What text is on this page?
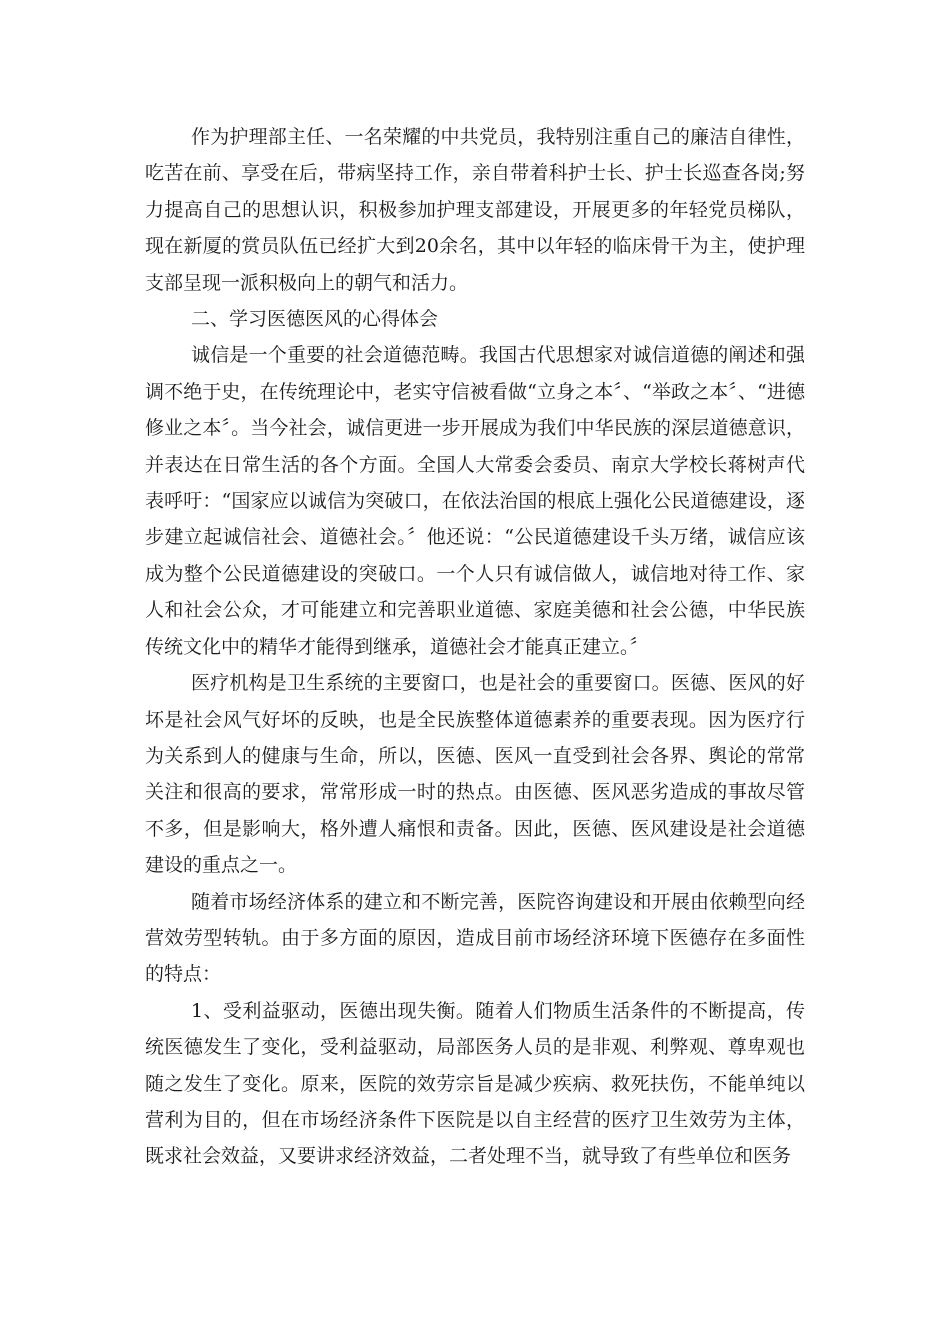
作为护理部主任、一名荣耀的中共党员，我特别注重自己的廉洁自律性，吃苦在前、享受在后，带病坚持工作，亲自带着科护士长、护士长巡查各岗;努力提高自己的思想认识，积极参加护理支部建设，开展更多的年轻党员梯队，现在新厦的赏员队伍已经扩大到20余名，其中以年轻的临床骨干为主，使护理支部呈现一派积极向上的朝气和活力。

二、学习医德医风的心得体会

诚信是一个重要的社会道德范畴。我国古代思想家对诚信道德的阐述和强调不绝于史，在传统理论中，老实守信被看做“立身之本〞、“举政之本〞、“进德修业之本〞。当今社会，诚信更进一步开展成为我们中华民族的深层道德意识，并表达在日常生活的各个方面。全国人大常委会委员、南京大学校长蒋树声代表呼吁：“国家应以诚信为突破口，在依法治国的根底上强化公民道德建设，逐步建立起诚信社会、道德社会。〞他还说：“公民道德建设千头万绪，诚信应该成为整个公民道德建设的突破口。一个人只有诚信做人，诚信地对待工作、家人和社会公众，才可能建立和完善职业道德、家庭美德和社会公德，中华民族传统文化中的精华才能得到继承，道德社会才能真正建立。〞

医疗机构是卫生系统的主要窗口，也是社会的重要窗口。医德、医风的好坏是社会风气好坏的反映，也是全民族整体道德素养的重要表现。因为医疗行为关系到人的健康与生命，所以，医德、医风一直受到社会各界、舆论的常常关注和很高的要求，常常形成一时的热点。由医德、医风恶劣造成的事故尽管不多，但是影响大，格外遭人痛恨和责备。因此，医德、医风建设是社会道德建设的重点之一。

随着市场经济体系的建立和不断完善，医院咨询建设和开展由依赖型向经营效劳型转轨。由于多方面的原因，造成目前市场经济环境下医德存在多面性的特点：

1、受利益驱动，医德出现失衡。随着人们物质生活条件的不断提高，传统医德发生了变化，受利益驱动，局部医务人员的是非观、利弊观、尊卑观也随之发生了变化。原来，医院的效劳宗旨是减少疾病、救死扶伤，不能单纯以营利为目的，但在市场经济条件下医院是以自主经营的医疗卫生效劳为主体，既求社会效益，又要讲求经济效益，二者处理不当，就导致了有些单位和医务
